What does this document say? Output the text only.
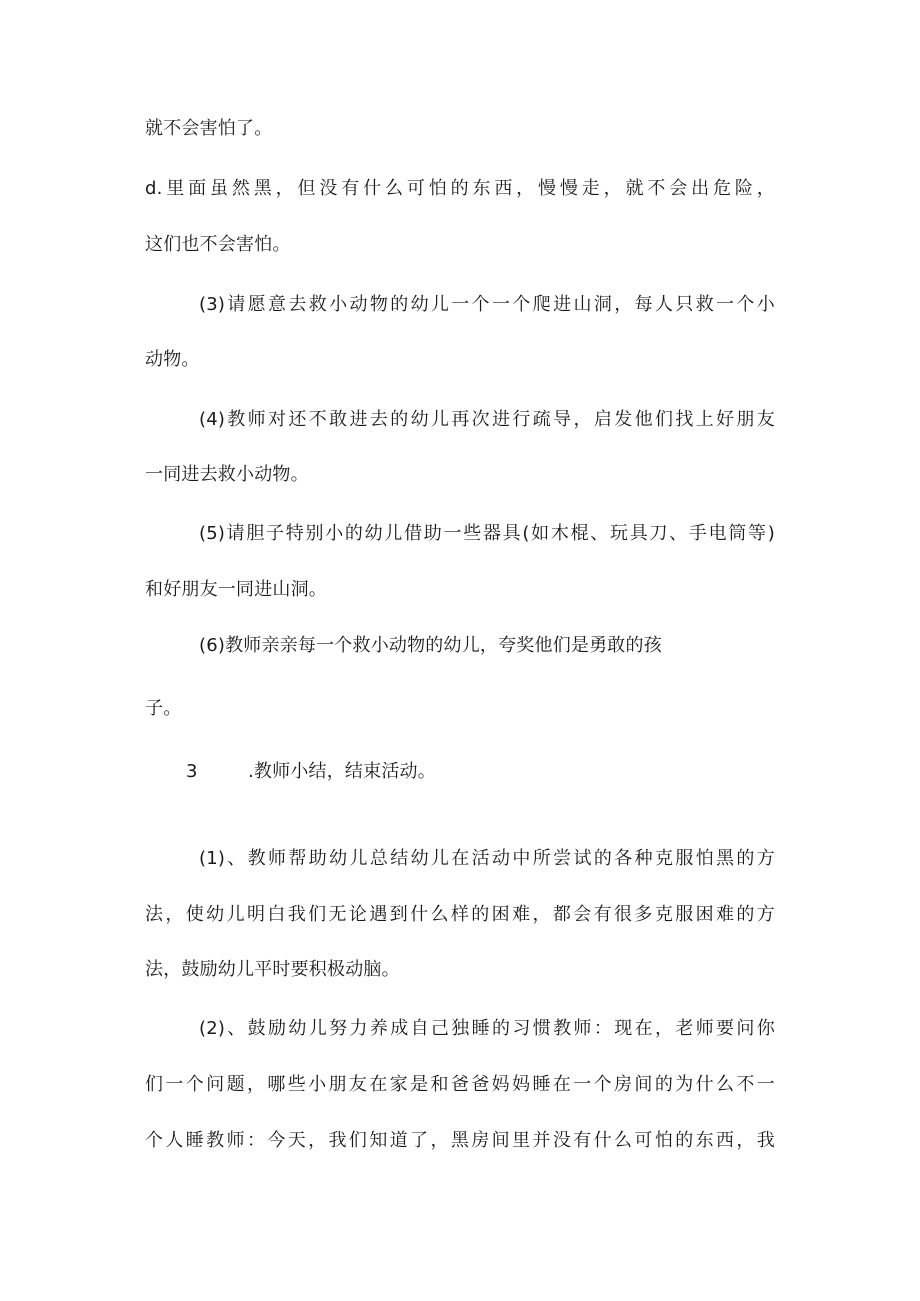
就不会害怕了。
d.里面虽然黑，但没有什么可怕的东西，慢慢走，就不会出危险，
这们也不会害怕。
(3)请愿意去救小动物的幼儿一个一个爬进山洞，每人只救一个小
动物。
(4)教师对还不敢进去的幼儿再次进行疏导，启发他们找上好朋友
一同进去救小动物。
(5)请胆子特别小的幼儿借助一些器具(如木棍、玩具刀、手电筒等)
和好朋友一同进山洞。
(6)教师亲亲每一个救小动物的幼儿，夸奖他们是勇敢的孩
子。
3	.教师小结，结束活动。
(1)、教师帮助幼儿总结幼儿在活动中所尝试的各种克服怕黑的方
法，使幼儿明白我们无论遇到什么样的困难，都会有很多克服困难的方
法，鼓励幼儿平时要积极动脑。
(2)、鼓励幼儿努力养成自己独睡的习惯教师：现在，老师要问你
们一个问题，哪些小朋友在家是和爸爸妈妈睡在一个房间的为什么不一
个人睡教师：今天，我们知道了，黑房间里并没有什么可怕的东西，我
